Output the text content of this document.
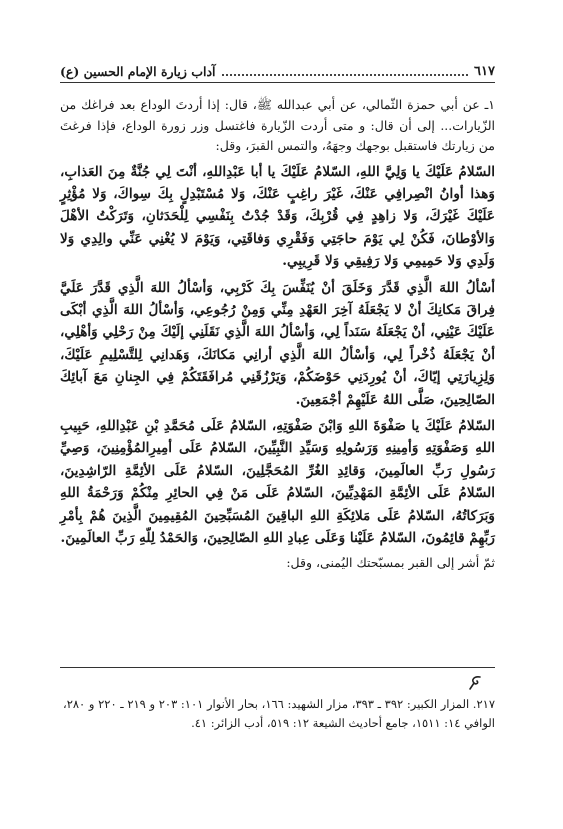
آداب زيارة الإمام الحسين (ع)	٦١٧

١ـ عن أبي حمزة الثّمالي، عن أبي عبدالله ﷺ، قال: إذا أردتَ الوداع بعد فراغك من الزّيارات... إلى أن قال: و متى أردت الزّيارة فاغتسل وزر زورة الوداع، فإذا فرغتَ من زيارتك فاستقبل بوجهك وجهَهُ، والتمس القبرَ، وقل:

السّلامُ عَلَيْكَ يا وَلِيَّ اللهِ، السّلامُ عَلَيْكَ يا أبا عَبْدِاللهِ، أنْتَ لِي جُنَّةٌ مِنَ العَذابِ، وَهذا أوانُ انْصِرافِي عَنْكَ، غَيْرَ راغِبٍ عَنْكَ، وَلا مُسْتَبْدِلٍ بِكَ سِواكَ، وَلا مُؤْثِرٍ عَلَيْكَ غَيْرَكَ، وَلا زاهِدٍ فِي قُرْبِكَ، وَقَدْ جُدْتُ بِنَفْسِي لِلْحَدَثانِ، وَتَرَكْتُ الأهْلَ وَالأوْطانَ، فَكُنْ لِي يَوْمَ حاجَتِي وَفَقْرِي وَفاقَتِي، وَيَوْمَ لا يُغْنِي عَنِّي والِدِي وَلا وَلَدِي وَلا حَمِيمِي وَلا رَفِيقِي وَلا قَرِيبِي.

أسْألُ اللهَ الَّذِي قَدَّرَ وَخَلَقَ أنْ يُنَفِّسَ بِكَ كَرْبِي، وَأسْألُ اللهَ الَّذِي قَدَّرَ عَلَيَّ فِراقَ مَكانِكَ أنْ لا يَجْعَلَهُ آخِرَ العَهْدِ مِنِّي وَمِنْ رُجُوعِي، وَأسْألُ اللهَ الَّذِي أبْكَى عَلَيْكَ عَيْنِي، أنْ يَجْعَلَهُ سَنَداً لِي، وَأسْألُ اللهَ الَّذِي نَقَلَنِي إلَيْكَ مِنْ رَحْلِي وَأهْلِي، أنْ يَجْعَلَهُ ذُخْراً لِي، وَأسْألُ اللهَ الَّذِي أرانِي مَكانَكَ، وَهَدانِي لِلتَّسْلِيمِ عَلَيْكَ، وَلِزِيارَتِي إيّاكَ، أنْ يُورِدَنِي حَوْضَكُمْ، وَيَرْزُقَنِي مُرافَقَتَكُمْ فِي الجِنانِ مَعَ آبائِكَ الصّالِحِينَ، صَلَّى اللهُ عَلَيْهِمْ أجْمَعِينَ.

السّلامُ عَلَيْكَ يا صَفْوَةَ اللهِ وَابْنَ صَفْوَتِهِ، السّلامُ عَلَى مُحَمَّدِ بْنِ عَبْدِاللهِ، حَبِيبِ اللهِ وَصَفْوَتِهِ وَأمِينِهِ وَرَسُولِهِ وَسَيِّدِ النَّبِيِّينَ، السّلامُ عَلَى أمِيرِالمُؤْمِنِينَ، وَصِيِّ رَسُولِ رَبِّ العالَمِينَ، وَقائِدِ الغُرِّ المُحَجَّلِينَ، السّلامُ عَلَى الأئِمَّةِ الرّاشِدِينَ، السّلامُ عَلَى الأئِمَّةِ المَهْدِيِّينَ، السّلامُ عَلَى مَنْ فِي الحائِرِ مِنْكُمْ وَرَحْمَةُ اللهِ وَبَرَكاتُهُ، السّلامُ عَلَى مَلائِكَةِ اللهِ الباقِينَ المُسَبِّحِينَ المُقِيمِينَ الَّذِينَ هُمْ بِأمْرِ رَبِّهِمْ قائِمُونَ، السّلامُ عَلَيْنا وَعَلَى عِبادِ اللهِ الصّالِحِينَ، وَالحَمْدُ لِلّهِ رَبِّ العالَمِينَ.

ثمّ أشر إلى القبر بمسبّحتك اليُمنى، وقل:

٢١٧. المزار الكبير: ٣٩٢ ـ ٣٩٣، مزار الشهيد: ١٦٦، بحار الأنوار ١٠١: ٢٠٣ و ٢١٩ ـ ٢٢٠ و ٢٨٠،

الوافي ١٤: ١٥١١، جامع أحاديث الشيعة ١٢: ٥١٩، أدب الزائر: ٤١.
